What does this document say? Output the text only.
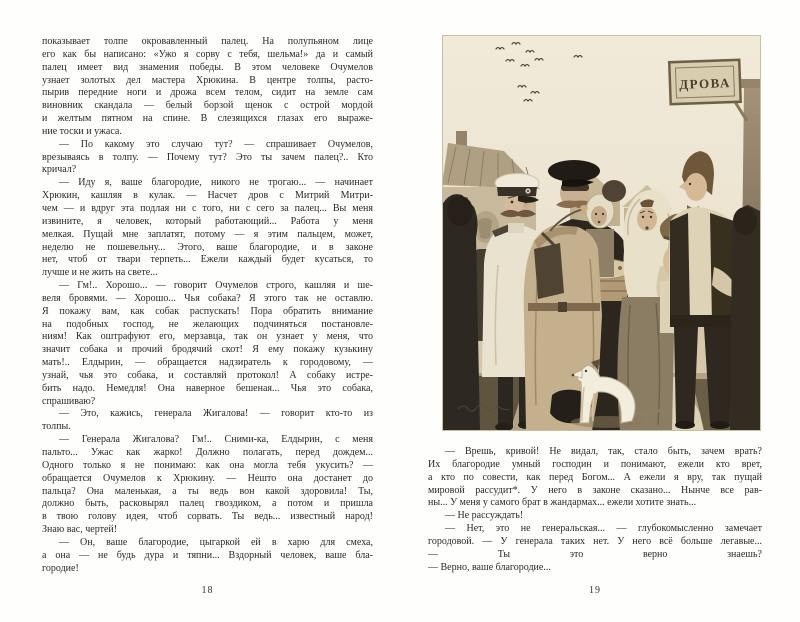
показывает толпе окровавленный палец. На полупьяном лице
его как бы написано: «Ужо я сорву с тебя, шельма!» да и самый
палец имеет вид знамения победы. В этом человеке Очумелов
узнает золотых дел мастера Хрюкина. В центре толпы, расто-
пырив передние ноги и дрожа всем телом, сидит на земле сам
виновник скандала — белый борзой щенок с острой мордой
и желтым пятном на спине. В слезящихся глазах его выраже-
ние тоски и ужаса.
— По какому это случаю тут? — спрашивает Очумелов,
врезываясь в толпу. — Почему тут? Это ты зачем палец?.. Кто
кричал?
— Иду я, ваше благородие, никого не трогаю... — начинает
Хрюкин, кашляя в кулак. — Насчет дров с Митрий Митри-
чем — и вдруг эта подлая ни с того, ни с сего за палец... Вы меня
извините, я человек, который работающий... Работа у меня
мелкая. Пущай мне заплатят, потому — я этим пальцем, может,
неделю не пошевельну... Этого, ваше благородие, и в законе
нет, чтоб от твари терпеть... Ежели каждый будет кусаться, то
лучше и не жить на свете...
— Гм!.. Хорошо... — говорит Очумелов строго, кашляя и ше-
веля бровями. — Хорошо... Чья собака? Я этого так не оставлю.
Я покажу вам, как собак распускать! Пора обратить внимание
на подобных господ, не желающих подчиняться постановле-
ниям! Как оштрафуют его, мерзавца, так он узнает у меня, что
значит собака и прочий бродячий скот! Я ему покажу кузькину
мать!.. Елдырин, — обращается надзиратель к городовому, —
узнай, чья это собака, и составляй протокол! А собаку истре-
бить надо. Немедля! Она наверное бешеная... Чья это собака,
спрашиваю?
— Это, кажись, генерала Жигалова! — говорит кто-то из
толпы.
— Генерала Жигалова? Гм!.. Сними-ка, Елдырин, с меня
пальто... Ужас как жарко! Должно полагать, перед дождем...
Одного только я не понимаю: как она могла тебя укусить? —
обращается Очумелов к Хрюкину. — Нешто она достанет до
пальца? Она маленькая, а ты ведь вон какой здоровила! Ты,
должно быть, расковырял палец гвоздиком, а потом и пришла
в твою голову идея, чтоб сорвать. Ты ведь... известный народ!
Знаю вас, чертей!
— Он, ваше благородие, цыгаркой ей в харю для смеха,
а она — не будь дура и тяпни... Вздорный человек, ваше бла-
городие!
18
ДРОВА
— Врешь, кривой! Не видал, так, стало быть, зачем врать?
Их благородие умный господин и понимают, ежели кто врет,
а кто по совести, как перед Богом... А ежели я вру, так пущай
мировой рассудит*. У него в законе сказано... Нынче все рав-
ны... У меня у самого брат в жандармах... ежели хотите знать...
— Не рассуждать!
— Нет, это не генеральская... — глубокомысленно замечает
городовой. — У генерала таких нет. У него всё больше легавые...
— Ты это верно знаешь?
— Верно, ваше благородие...
19
